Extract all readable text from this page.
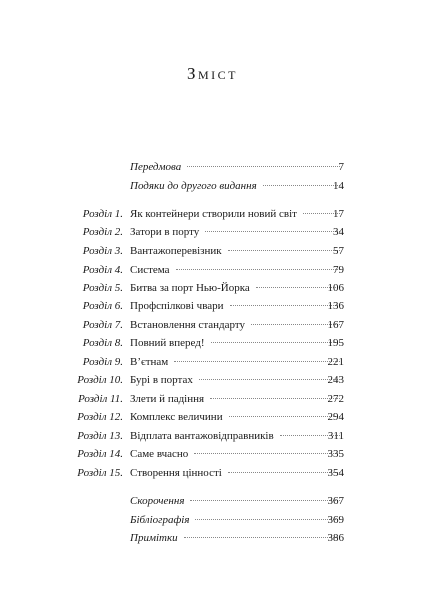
Зміст
Передмова	7
Подяки до другого видання	14
Розділ 1. Як контейнери створили новий світ	17
Розділ 2. Затори в порту	34
Розділ 3. Вантажоперевізник	57
Розділ 4. Система	79
Розділ 5. Битва за порт Нью-Йорка	106
Розділ 6. Профспілкові чвари	136
Розділ 7. Встановлення стандарту	167
Розділ 8. Повний вперед!	195
Розділ 9. В’єтнам	221
Розділ 10. Бурі в портах	243
Розділ 11. Злети й падіння	272
Розділ 12. Комплекс величини	294
Розділ 13. Відплата вантажовідправників	311
Розділ 14. Саме вчасно	335
Розділ 15. Створення цінності	354
Скорочення	367
Бібліографія	369
Примітки	386
